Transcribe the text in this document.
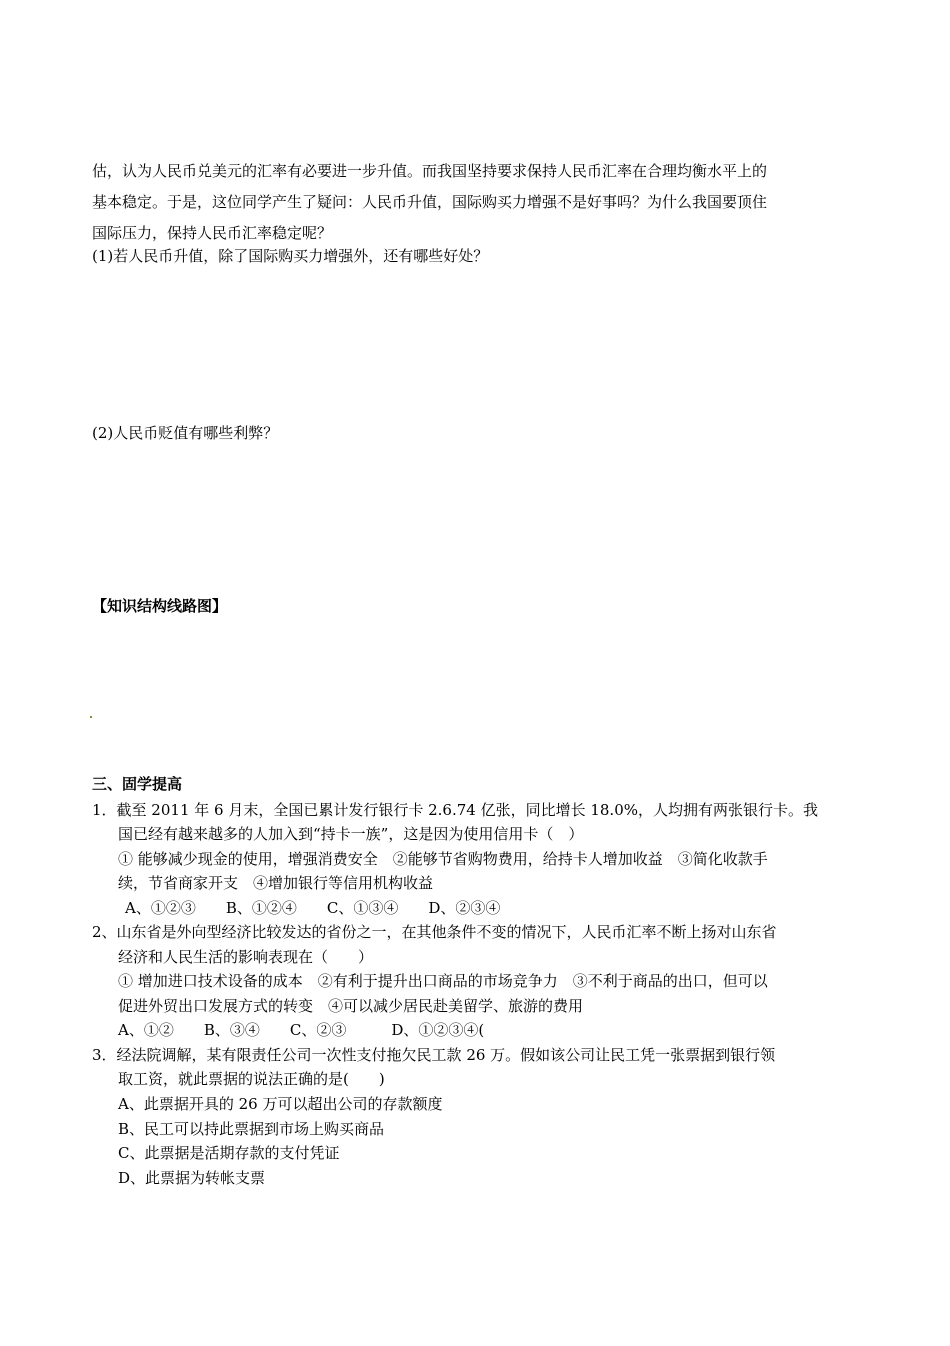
估，认为人民币兑美元的汇率有必要进一步升值。而我国坚持要求保持人民币汇率在合理均衡水平上的
基本稳定。于是，这位同学产生了疑问：人民币升值，国际购买力增强不是好事吗？为什么我国要顶住
国际压力，保持人民币汇率稳定呢？
(1)若人民币升值，除了国际购买力增强外，还有哪些好处？
(2)人民币贬值有哪些利弊？
【知识结构线路图】
三、固学提高
1．截至 2011 年 6 月末，全国已累计发行银行卡 2.6.74 亿张，同比增长 18.0%，人均拥有两张银行卡。我
国已经有越来越多的人加入到“持卡一族”，这是因为使用信用卡（　）
① 能够减少现金的使用，增强消费安全　②能够节省购物费用，给持卡人增加收益　③简化收款手
续，节省商家开支　④增加银行等信用机构收益
A、①②③　　B、①②④　　C、①③④　　D、②③④
2、山东省是外向型经济比较发达的省份之一，在其他条件不变的情况下，人民币汇率不断上扬对山东省
经济和人民生活的影响表现在（　　）
① 增加进口技术设备的成本　②有利于提升出口商品的市场竞争力　③不利于商品的出口，但可以
促进外贸出口发展方式的转变　④可以减少居民赴美留学、旅游的费用
A、①②　　B、③④　　C、②③　　　D、①②③④(
3．经法院调解，某有限责任公司一次性支付拖欠民工款 26 万。假如该公司让民工凭一张票据到银行领
取工资，就此票据的说法正确的是(　　)
A、此票据开具的 26 万可以超出公司的存款额度
B、民工可以持此票据到市场上购买商品
C、此票据是活期存款的支付凭证
D、此票据为转帐支票
